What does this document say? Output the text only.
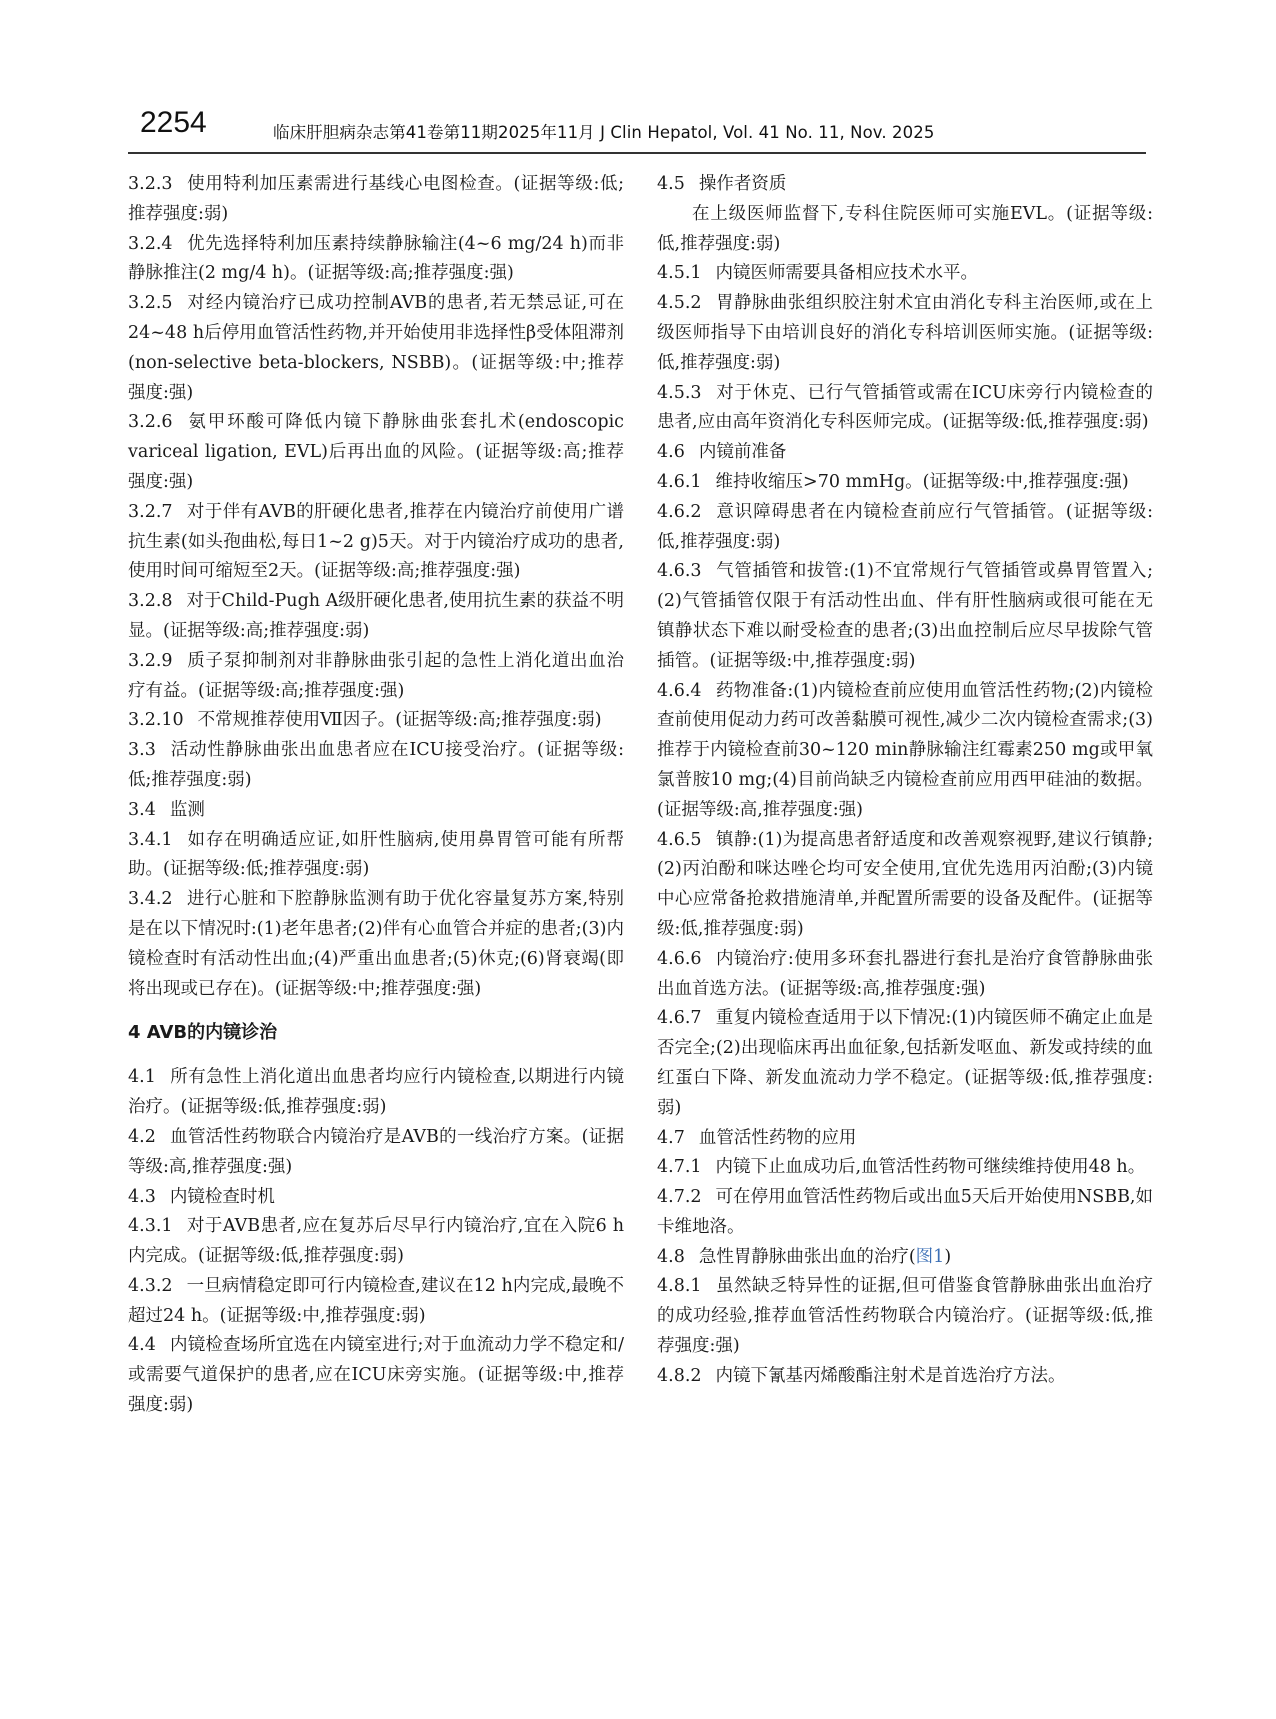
2254	临床肝胆病杂志第41卷第11期2025年11月 J Clin Hepatol, Vol. 41 No. 11, Nov. 2025

3.2.3 使用特利加压素需进行基线心电图检查。(证据等级:低;推荐强度:弱)

3.2.4 优先选择特利加压素持续静脉输注(4~6 mg/24 h)而非静脉推注(2 mg/4 h)。(证据等级:高;推荐强度:强)

3.2.5 对经内镜治疗已成功控制AVB的患者,若无禁忌证,可在24~48 h后停用血管活性药物,并开始使用非选择性β受体阻滞剂(non-selective beta-blockers, NSBB)。(证据等级:中;推荐强度:强)

3.2.6 氨甲环酸可降低内镜下静脉曲张套扎术(endoscopic variceal ligation, EVL)后再出血的风险。(证据等级:高;推荐强度:强)

3.2.7 对于伴有AVB的肝硬化患者,推荐在内镜治疗前使用广谱抗生素(如头孢曲松,每日1~2 g)5天。对于内镜治疗成功的患者,使用时间可缩短至2天。(证据等级:高;推荐强度:强)

3.2.8 对于Child-Pugh A级肝硬化患者,使用抗生素的获益不明显。(证据等级:高;推荐强度:弱)

3.2.9 质子泵抑制剂对非静脉曲张引起的急性上消化道出血治疗有益。(证据等级:高;推荐强度:强)

3.2.10 不常规推荐使用Ⅶ因子。(证据等级:高;推荐强度:弱)

3.3 活动性静脉曲张出血患者应在ICU接受治疗。(证据等级:低;推荐强度:弱)

3.4 监测

3.4.1 如存在明确适应证,如肝性脑病,使用鼻胃管可能有所帮助。(证据等级:低;推荐强度:弱)

3.4.2 进行心脏和下腔静脉监测有助于优化容量复苏方案,特别是在以下情况时:(1)老年患者;(2)伴有心血管合并症的患者;(3)内镜检查时有活动性出血;(4)严重出血患者;(5)休克;(6)肾衰竭(即将出现或已存在)。(证据等级:中;推荐强度:强)

4 AVB的内镜诊治

4.1 所有急性上消化道出血患者均应行内镜检查,以期进行内镜治疗。(证据等级:低,推荐强度:弱)

4.2 血管活性药物联合内镜治疗是AVB的一线治疗方案。(证据等级:高,推荐强度:强)

4.3 内镜检查时机

4.3.1 对于AVB患者,应在复苏后尽早行内镜治疗,宜在入院6 h内完成。(证据等级:低,推荐强度:弱)

4.3.2 一旦病情稳定即可行内镜检查,建议在12 h内完成,最晚不超过24 h。(证据等级:中,推荐强度:弱)

4.4 内镜检查场所宜选在内镜室进行;对于血流动力学不稳定和/或需要气道保护的患者,应在ICU床旁实施。(证据等级:中,推荐强度:弱)

4.5 操作者资质

在上级医师监督下,专科住院医师可实施EVL。(证据等级:低,推荐强度:弱)

4.5.1 内镜医师需要具备相应技术水平。

4.5.2 胃静脉曲张组织胶注射术宜由消化专科主治医师,或在上级医师指导下由培训良好的消化专科培训医师实施。(证据等级:低,推荐强度:弱)

4.5.3 对于休克、已行气管插管或需在ICU床旁行内镜检查的患者,应由高年资消化专科医师完成。(证据等级:低,推荐强度:弱)

4.6 内镜前准备

4.6.1 维持收缩压>70 mmHg。(证据等级:中,推荐强度:强)

4.6.2 意识障碍患者在内镜检查前应行气管插管。(证据等级:低,推荐强度:弱)

4.6.3 气管插管和拔管:(1)不宜常规行气管插管或鼻胃管置入;(2)气管插管仅限于有活动性出血、伴有肝性脑病或很可能在无镇静状态下难以耐受检查的患者;(3)出血控制后应尽早拔除气管插管。(证据等级:中,推荐强度:弱)

4.6.4 药物准备:(1)内镜检查前应使用血管活性药物;(2)内镜检查前使用促动力药可改善黏膜可视性,减少二次内镜检查需求;(3)推荐于内镜检查前30~120 min静脉输注红霉素250 mg或甲氧氯普胺10 mg;(4)目前尚缺乏内镜检查前应用西甲硅油的数据。(证据等级:高,推荐强度:强)

4.6.5 镇静:(1)为提高患者舒适度和改善观察视野,建议行镇静;(2)丙泊酚和咪达唑仑均可安全使用,宜优先选用丙泊酚;(3)内镜中心应常备抢救措施清单,并配置所需要的设备及配件。(证据等级:低,推荐强度:弱)

4.6.6 内镜治疗:使用多环套扎器进行套扎是治疗食管静脉曲张出血首选方法。(证据等级:高,推荐强度:强)

4.6.7 重复内镜检查适用于以下情况:(1)内镜医师不确定止血是否完全;(2)出现临床再出血征象,包括新发呕血、新发或持续的血红蛋白下降、新发血流动力学不稳定。(证据等级:低,推荐强度:弱)

4.7 血管活性药物的应用

4.7.1 内镜下止血成功后,血管活性药物可继续维持使用48 h。

4.7.2 可在停用血管活性药物后或出血5天后开始使用NSBB,如卡维地洛。

4.8 急性胃静脉曲张出血的治疗(图1)

4.8.1 虽然缺乏特异性的证据,但可借鉴食管静脉曲张出血治疗的成功经验,推荐血管活性药物联合内镜治疗。(证据等级:低,推荐强度:强)

4.8.2 内镜下氰基丙烯酸酯注射术是首选治疗方法。
